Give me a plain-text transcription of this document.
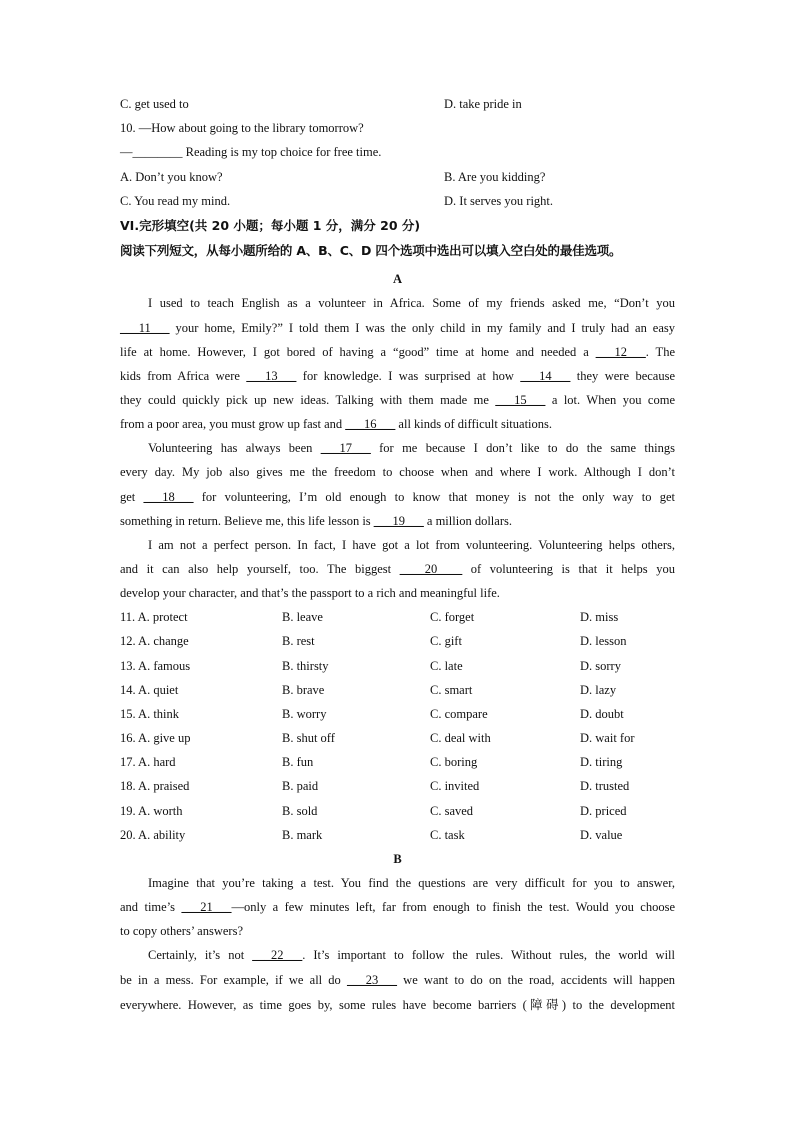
C. get used to	D. take pride in
10. —How about going to the library tomorrow?
—________ Reading is my top choice for free time.
A. Don’t you know?	B. Are you kidding?
C. You read my mind.	D. It serves you right.
VI.完形填空(共 20 小题；每小题 1 分，满分 20 分)
阅读下列短文，从每小题所给的 A、B、C、D 四个选项中选出可以填入空白处的最佳选项。
A
I used to teach English as a volunteer in Africa. Some of my friends asked me, “Don’t you
___11___ your home, Emily?” I told them I was the only child in my family and I truly had an easy
life at home. However, I got bored of having a “good” time at home and needed a ___12___. The
kids from Africa were ___13___ for knowledge. I was surprised at how ___14___ they were because
they could quickly pick up new ideas. Talking with them made me ___15___ a lot. When you come
from a poor area, you must grow up fast and ___16___ all kinds of difficult situations.
Volunteering has always been ___17___ for me because I don’t like to do the same things
every day. My job also gives me the freedom to choose when and where I work. Although I don’t
get ___18___ for volunteering, I’m old enough to know that money is not the only way to get
something in return. Believe me, this life lesson is ___19___ a million dollars.
I am not a perfect person. In fact, I have got a lot from volunteering. Volunteering helps others,
and it can also help yourself, too. The biggest ____20____ of volunteering is that it helps you
develop your character, and that’s the passport to a rich and meaningful life.
11. A. protect	B. leave	C. forget	D. miss
12. A. change	B. rest	C. gift	D. lesson
13. A. famous	B. thirsty	C. late	D. sorry
14. A. quiet	B. brave	C. smart	D. lazy
15. A. think	B. worry	C. compare	D. doubt
16. A. give up	B. shut off	C. deal with	D. wait for
17. A. hard	B. fun	C. boring	D. tiring
18. A. praised	B. paid	C. invited	D. trusted
19. A. worth	B. sold	C. saved	D. priced
20. A. ability	B. mark	C. task	D. value
B
Imagine that you’re taking a test. You find the questions are very difficult for you to answer,
and time’s ___21___—only a few minutes left, far from enough to finish the test. Would you choose
to copy others’ answers?
Certainly, it’s not ___22___. It’s important to follow the rules. Without rules, the world will
be in a mess. For example, if we all do ___23___ we want to do on the road, accidents will happen
everywhere. However, as time goes by, some rules have become barriers (障碍) to the development
